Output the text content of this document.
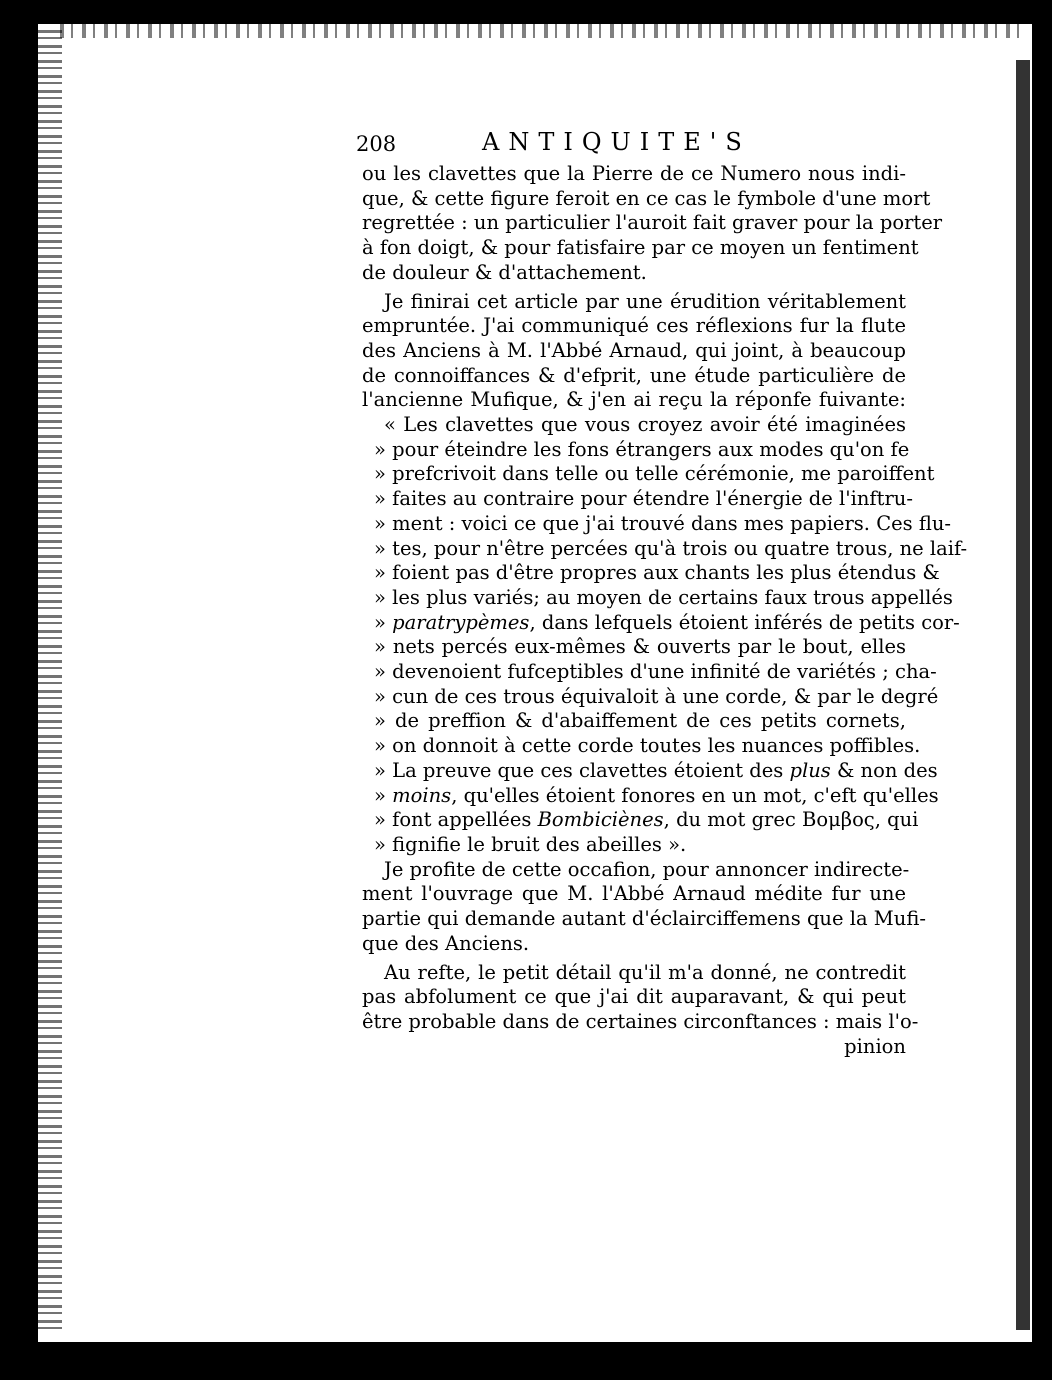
208	ANTIQUITE'S
ou les clavettes que la Pierre de ce Numero nous indi-
que, & cette figure feroit en ce cas le fymbole d'une mort
regrettée : un particulier l'auroit fait graver pour la porter
à fon doigt, & pour fatisfaire par ce moyen un fentiment
de douleur & d'attachement.
Je finirai cet article par une érudition véritablement
empruntée. J'ai communiqué ces réflexions fur la flute
des Anciens à M. l'Abbé Arnaud, qui joint, à beaucoup
de connoiffances & d'efprit, une étude particulière de
l'ancienne Mufique, & j'en ai reçu la réponfe fuivante:
« Les clavettes que vous croyez avoir été imaginées
» pour éteindre les fons étrangers aux modes qu'on fe
» prefcrivoit dans telle ou telle cérémonie, me paroiffent
» faites au contraire pour étendre l'énergie de l'inftru-
» ment : voici ce que j'ai trouvé dans mes papiers. Ces flu-
» tes, pour n'être percées qu'à trois ou quatre trous, ne laif-
» foient pas d'être propres aux chants les plus étendus &
» les plus variés; au moyen de certains faux trous appellés
» paratrypèmes, dans lefquels étoient inférés de petits cor-
» nets percés eux-mêmes & ouverts par le bout, elles
» devenoient fufceptibles d'une infinité de variétés ; cha-
» cun de ces trous équivaloit à une corde, & par le degré
» de preffion & d'abaiffement de ces petits cornets,
» on donnoit à cette corde toutes les nuances poffibles.
» La preuve que ces clavettes étoient des plus & non des
» moins, qu'elles étoient fonores en un mot, c'eft qu'elles
» font appellées Bombiciènes, du mot grec Βομβος, qui
» fignifie le bruit des abeilles ».
Je profite de cette occafion, pour annoncer indirecte-
ment l'ouvrage que M. l'Abbé Arnaud médite fur une
partie qui demande autant d'éclairciffemens que la Mufi-
que des Anciens.
Au refte, le petit détail qu'il m'a donné, ne contredit
pas abfolument ce que j'ai dit auparavant, & qui peut
être probable dans de certaines circonftances : mais l'o-
pinion
